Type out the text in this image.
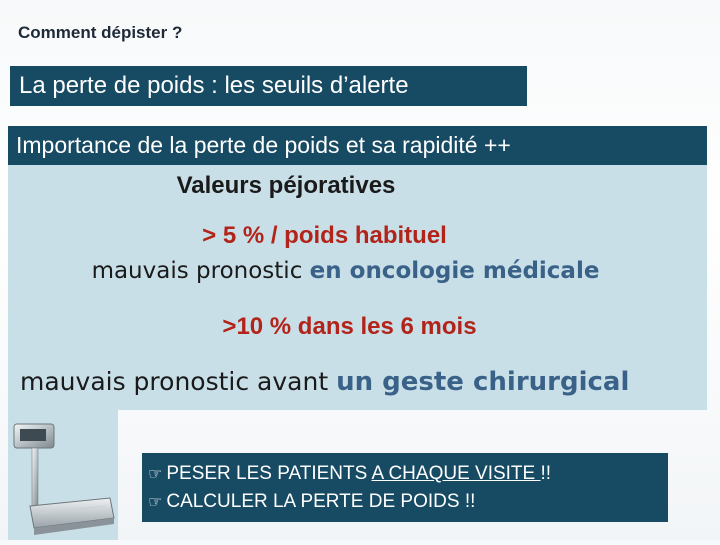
Comment dépister ?
La perte de poids : les seuils d’alerte
Importance de la perte de poids et sa rapidité ++
Valeurs péjoratives
> 5 % / poids habituel
mauvais pronostic en oncologie médicale
>10 % dans les 6 mois
mauvais pronostic avant un geste chirurgical
☞ PESER LES PATIENTS A CHAQUE VISITE !!
☞ CALCULER LA PERTE DE POIDS !!
